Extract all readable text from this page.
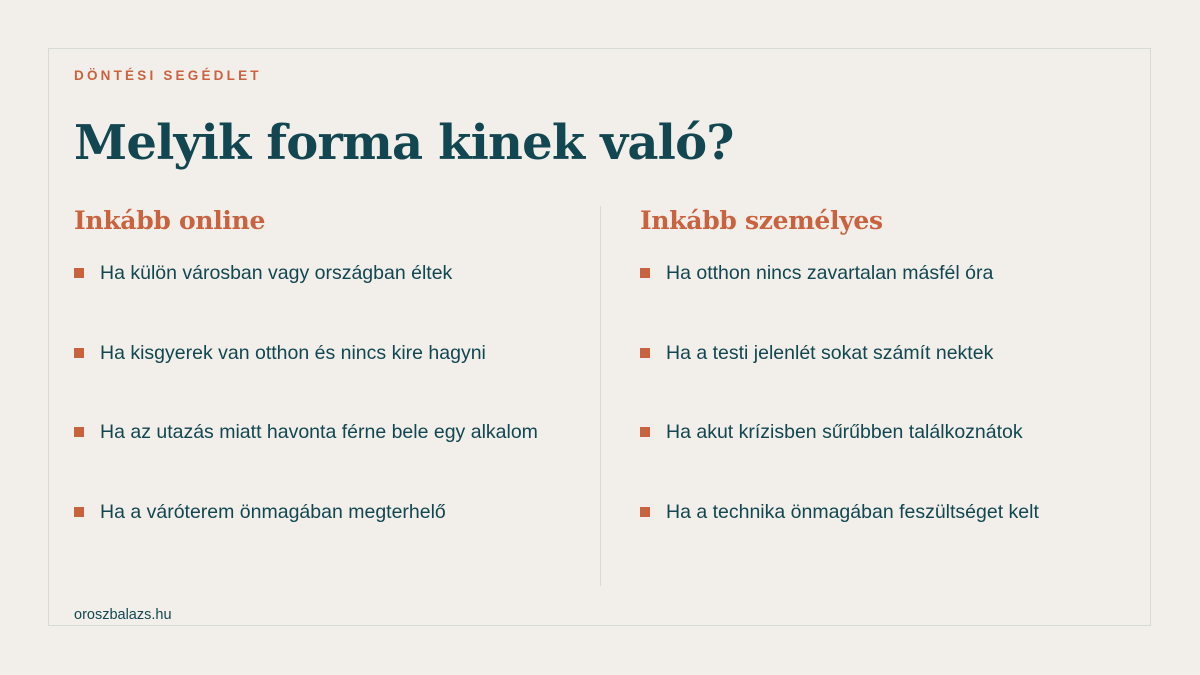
DÖNTÉSI SEGÉDLET
Melyik forma kinek való?
Inkább online
Ha külön városban vagy országban éltek
Ha kisgyerek van otthon és nincs kire hagyni
Ha az utazás miatt havonta férne bele egy alkalom
Ha a váróterem önmagában megterhelő
Inkább személyes
Ha otthon nincs zavartalan másfél óra
Ha a testi jelenlét sokat számít nektek
Ha akut krízisben sűrűbben találkoznátok
Ha a technika önmagában feszültséget kelt
oroszbalazs.hu
